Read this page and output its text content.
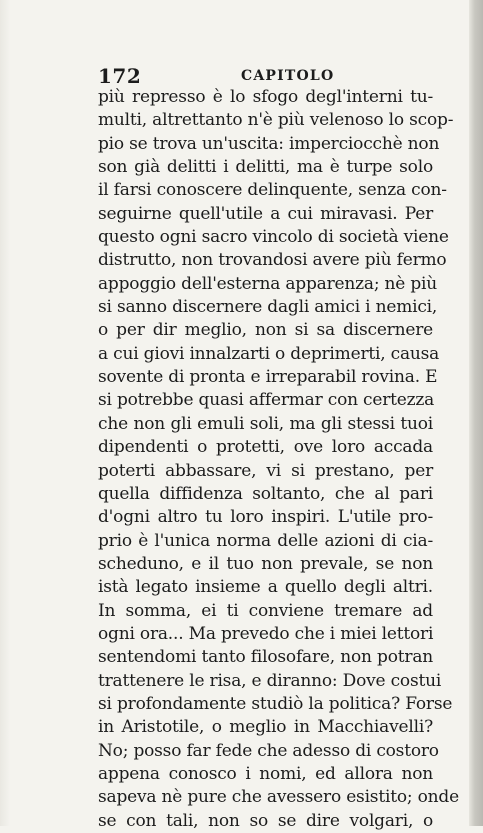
172	CAPITOLO
più represso è lo sfogo degl'interni tu-
multi, altrettanto n'è più velenoso lo scop-
pio se trova un'uscita: imperciocchè non
son già delitti i delitti, ma è turpe solo
il farsi conoscere delinquente, senza con-
seguirne quell'utile a cui miravasi. Per
questo ogni sacro vincolo di società viene
distrutto, non trovandosi avere più fermo
appoggio dell'esterna apparenza; nè più
si sanno discernere dagli amici i nemici,
o per dir meglio, non si sa discernere
a cui giovi innalzarti o deprimerti, causa
sovente di pronta e irreparabil rovina. E
si potrebbe quasi affermar con certezza
che non gli emuli soli, ma gli stessi tuoi
dipendenti o protetti, ove loro accada
poterti abbassare, vi si prestano, per
quella diffidenza soltanto, che al pari
d'ogni altro tu loro inspiri. L'utile pro-
prio è l'unica norma delle azioni di cia-
scheduno, e il tuo non prevale, se non
istà legato insieme a quello degli altri.
In somma, ei ti conviene tremare ad
ogni ora... Ma prevedo che i miei lettori
sentendomi tanto filosofare, non potran
trattenere le risa, e diranno: Dove costui
si profondamente studiò la politica? Forse
in Aristotile, o meglio in Macchiavelli?
No; posso far fede che adesso di costoro
appena conosco i nomi, ed allora non
sapeva nè pure che avessero esistito; onde
se con tali, non so se dire volgari, o
